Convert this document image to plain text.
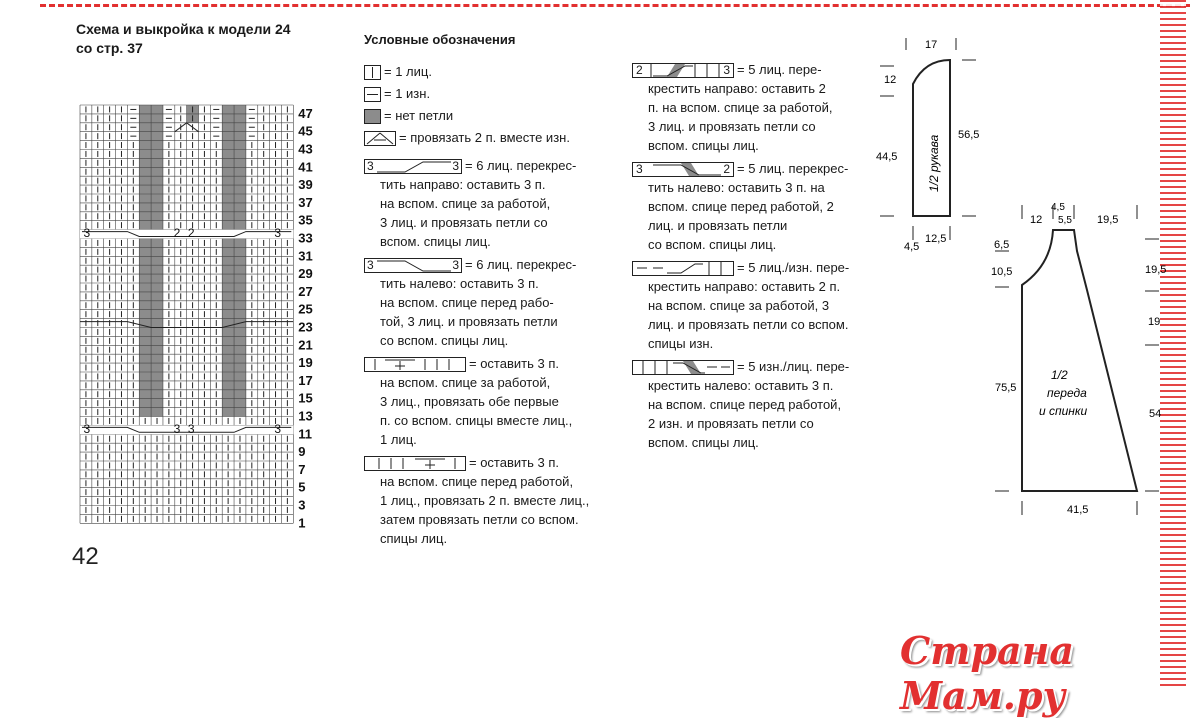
Схема и выкройка к модели 24
со стр. 37
3	2 2	3
3	3 3	3
47
45
43
41
39
37
35
33
31
29
27
25
23
21
19
17
15
13
11
9
7
5
3
1
42
Условные обозначения
= 1 лиц.
= 1 изн.
= нет петли
= провязать 2 п. вместе изн.
3	3 = 6 лиц. перекрес-
тить направо: оставить 3 п.
на вспом. спице за работой,
3 лиц. и провязать петли со
вспом. спицы лиц.
3	3 = 6 лиц. перекрес-
тить налево: оставить 3 п.
на вспом. спице перед рабо-
той, 3 лиц. и провязать петли
со вспом. спицы лиц.
= оставить 3 п.
на вспом. спице за работой,
3 лиц., провязать обе первые
п. со вспом. спицы вместе лиц.,
1 лиц.
= оставить 3 п.
на вспом. спице перед работой,
1 лиц., провязать 2 п. вместе лиц.,
затем провязать петли со вспом.
спицы лиц.
2	3 = 5 лиц. пере-
крестить направо: оставить 2
п. на вспом. спице за работой,
3 лиц. и провязать петли со
вспом. спицы лиц.
3	2 = 5 лиц. перекрес-
тить налево: оставить 3 п. на
вспом. спице перед работой, 2
лиц. и провязать петли
со вспом. спицы лиц.
= 5 лиц./изн. пере-
крестить направо: оставить 2 п.
на вспом. спице за работой, 3
лиц. и провязать петли со вспом.
спицы изн.
= 5 изн./лиц. пере-
крестить налево: оставить 3 п.
на вспом. спице перед работой,
2 изн. и провязать петли со
вспом. спицы лиц.
1/2 рукава
17
12
44,5
56,5
4,5
12,5
1/2
переда
и спинки
4,5
12 5,5 19,5
6,5
10,5	19,5
19
75,5
54
41,5
Страна Мам.ру
